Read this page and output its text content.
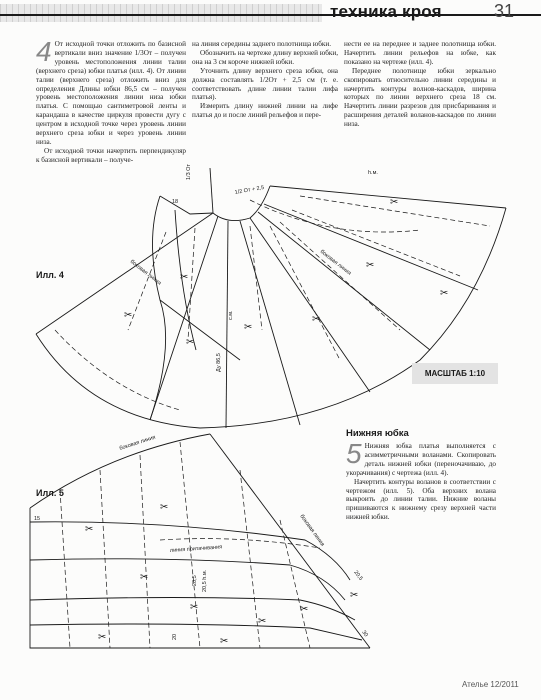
техника кроя	31
4 От исходной точки отложить по базисной вертикали вниз значение 1/3От – получен уровень местоположения линии талии (верхнего среза) юбки платья (илл. 4). От линии талии (верхнего среза) отложить вниз для определения Длины юбки 86,5 см – получен уровень местоположения линии низа юбки платья. С помощью сантиметровой ленты и карандаша в качестве циркуля провести дугу с центром в исходной точке через уровень линии верхнего среза юбки и через уровень линии низа.

От исходной точки начертить перпендикуляр к базисной вертикали – получе-

на линия середины заднего полотнища юбки.

Обозначить на чертеже длину верхней юбки, она на 3 см короче нижней юбки.

Уточнить длину верхнего среза юбки, она должна составлять 1/2От + 2,5 см (т. е. соответствовать длине линии талии лифа платья).

Измерить длину нижней линии на лифе платья до и после линий рельефов и пере-

нести ее на переднее и заднее полотнища юбки. Начертить линии рельефов на юбке, как показано на чертеже (илл. 4).

Переднее полотнище юбки зеркально скопировать относительно линии середины и начертить контуры волнов-каскадов, ширина которых по линии верхнего среза 18 см. Начертить линии разрезов для присбаривания и расширения деталей воланов-каскадов по линии низа.

✂
✂
✂
✂
✂
✂
✂
✂
h.м.
1/3 От
1/2 От + 2,5
Ду 86,5
с.м.
18
боковая линия	боковая линия
Илл. 4
МАСШТАБ 1:10
✂
✂
✂
✂
✂	✂
✂
✂
✂
15
линия притачивания
боковая линия
боковая линия
20,5 20,5 h.м.
20
20,5
30
Илл. 5
Нижняя юбка
5 Нижняя юбка платья выполняется с асимметричными воланами. Скопировать деталь нижней юбки (переночачиваю, до укорачивания) с чертежа (илл. 4).

Начертить контуры воланов в соответствии с чертежом (илл. 5). Оба верхних волана выкроить до линии талии. Нижние воланы пришиваются к нижнему срезу верхней части нижней юбки.

Ателье 12/2011
